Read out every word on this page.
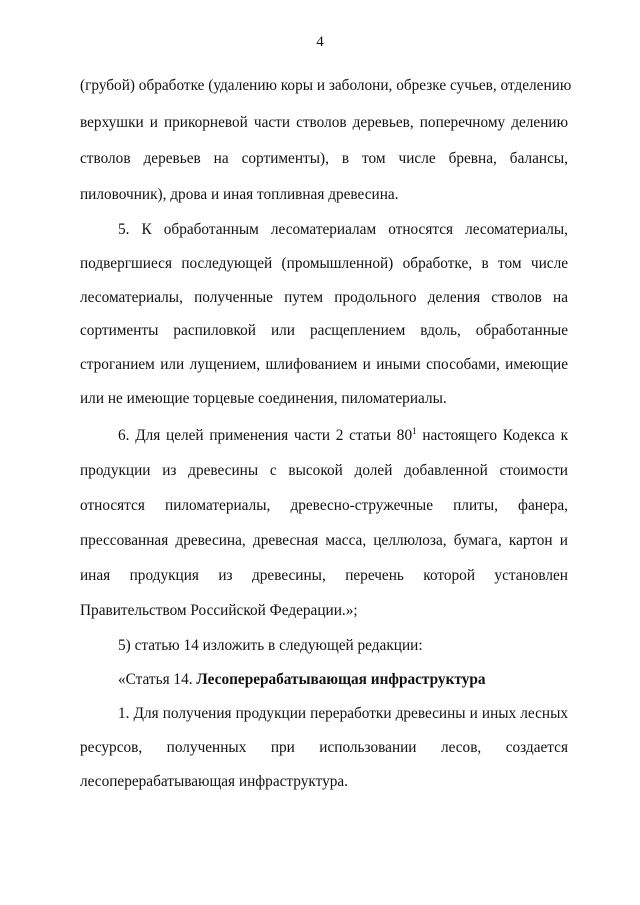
4
(грубой) обработке (удалению коры и заболони, обрезке сучьев, отделению
верхушки и прикорневой части стволов деревьев, поперечному делению
стволов деревьев на сортименты), в том числе бревна, балансы,
пиловочник), дрова и иная топливная древесина.
5. К обработанным лесоматериалам относятся лесоматериалы,
подвергшиеся последующей (промышленной) обработке, в том числе
лесоматериалы, полученные путем продольного деления стволов на
сортименты распиловкой или расщеплением вдоль, обработанные
строганием или лущением, шлифованием и иными способами, имеющие
или не имеющие торцевые соединения, пиломатериалы.
6. Для целей применения части 2 статьи $80^1$ настоящего Кодекса к
продукции из древесины с высокой долей добавленной стоимости
относятся пиломатериалы, древесно-стружечные плиты, фанера,
прессованная древесина, древесная масса, целлюлоза, бумага, картон и
иная продукция из древесины, перечень которой установлен
Правительством Российской Федерации.»;
5) статью 14 изложить в следующей редакции:
«Статья 14. Лесоперерабатывающая инфраструктура
1. Для получения продукции переработки древесины и иных лесных
ресурсов, полученных при использовании лесов, создается
лесоперерабатывающая инфраструктура.
